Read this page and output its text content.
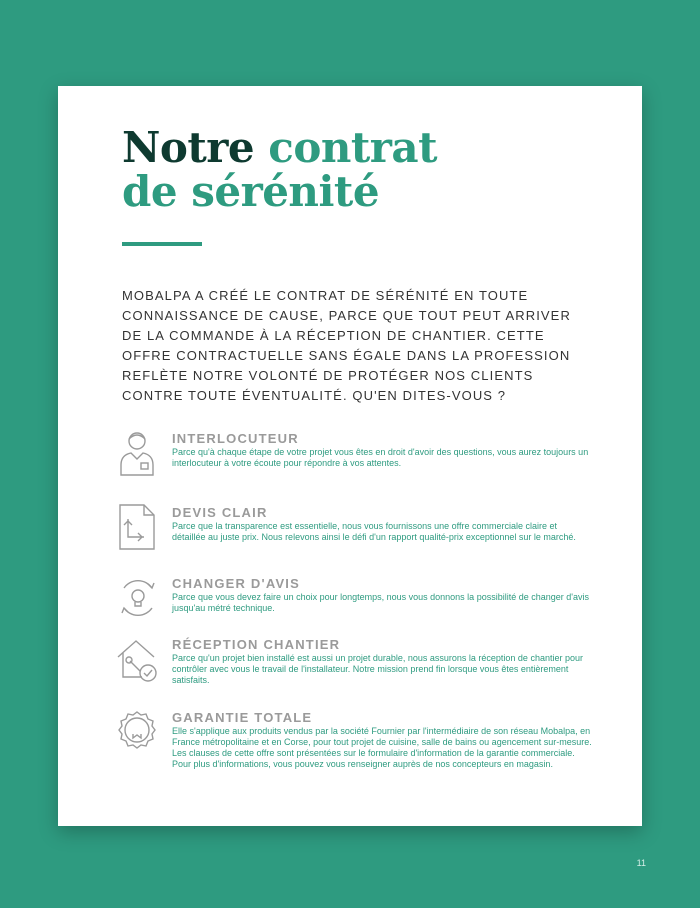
Notre contrat
de sérénité

MOBALPA A CRÉÉ LE CONTRAT DE SÉRÉNITÉ EN TOUTE CONNAISSANCE DE CAUSE, PARCE QUE TOUT PEUT ARRIVER DE LA COMMANDE À LA RÉCEPTION DE CHANTIER. CETTE OFFRE CONTRACTUELLE SANS ÉGALE DANS LA PROFESSION REFLÈTE NOTRE VOLONTÉ DE PROTÉGER NOS CLIENTS CONTRE TOUTE ÉVENTUALITÉ. QU'EN DITES-VOUS ?

INTERLOCUTEUR

Parce qu'à chaque étape de votre projet vous êtes en droit d'avoir des questions, vous aurez toujours un interlocuteur à votre écoute pour répondre à vos attentes.

DEVIS CLAIR

Parce que la transparence est essentielle, nous vous fournissons une offre commerciale claire et détaillée au juste prix. Nous relevons ainsi le défi d'un rapport qualité-prix exceptionnel sur le marché.

CHANGER D'AVIS

Parce que vous devez faire un choix pour longtemps, nous vous donnons la possibilité de changer d'avis jusqu'au métré technique.

RÉCEPTION CHANTIER

Parce qu'un projet bien installé est aussi un projet durable, nous assurons la réception de chantier pour contrôler avec vous le travail de l'installateur. Notre mission prend fin lorsque vous êtes entièrement satisfaits.

GARANTIE TOTALE

Elle s'applique aux produits vendus par la société Fournier par l'intermédiaire de son réseau Mobalpa, en France métropolitaine et en Corse, pour tout projet de cuisine, salle de bains ou agencement sur-mesure. Les clauses de cette offre sont présentées sur le formulaire d'information de la garantie commerciale.
Pour plus d'informations, vous pouvez vous renseigner auprès de nos concepteurs en magasin.

11
